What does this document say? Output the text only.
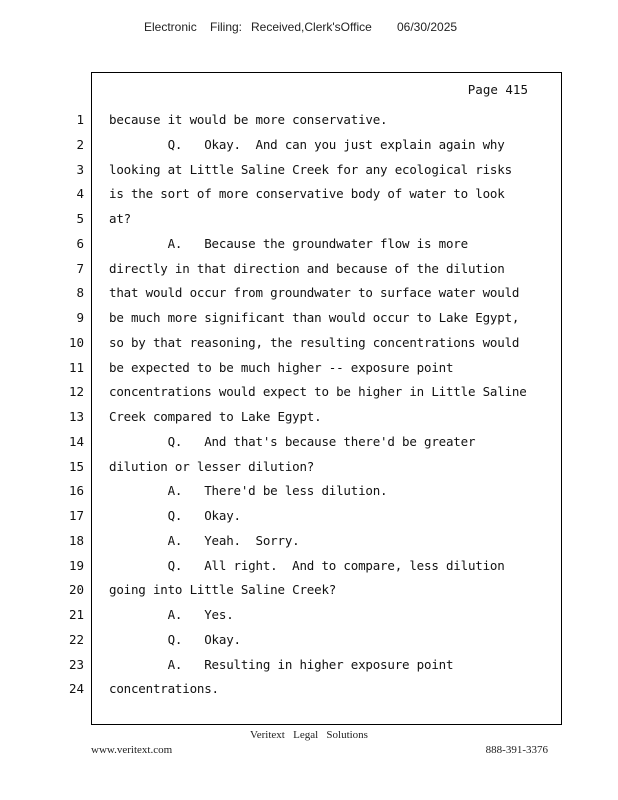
Electronic

Filing:

Received,Clerk'sOffice

06/30/2025

Page 415
1 because it would be more conservative.
2 Q.   Okay.  And can you just explain again why
3 looking at Little Saline Creek for any ecological risks
4 is the sort of more conservative body of water to look
5 at?
6 A.   Because the groundwater flow is more
7 directly in that direction and because of the dilution
8 that would occur from groundwater to surface water would
9 be much more significant than would occur to Lake Egypt,
10 so by that reasoning, the resulting concentrations would
11 be expected to be much higher -- exposure point
12 concentrations would expect to be higher in Little Saline
13 Creek compared to Lake Egypt.
14 Q.   And that's because there'd be greater
15 dilution or lesser dilution?
16 A.   There'd be less dilution.
17 Q.   Okay.
18 A.   Yeah.  Sorry.
19 Q.   All right.  And to compare, less dilution
20 going into Little Saline Creek?
21 A.   Yes.
22 Q.   Okay.
23 A.   Resulting in higher exposure point
24 concentrations.
Veritext   Legal   Solutions
www.veritext.com	888-391-3376
